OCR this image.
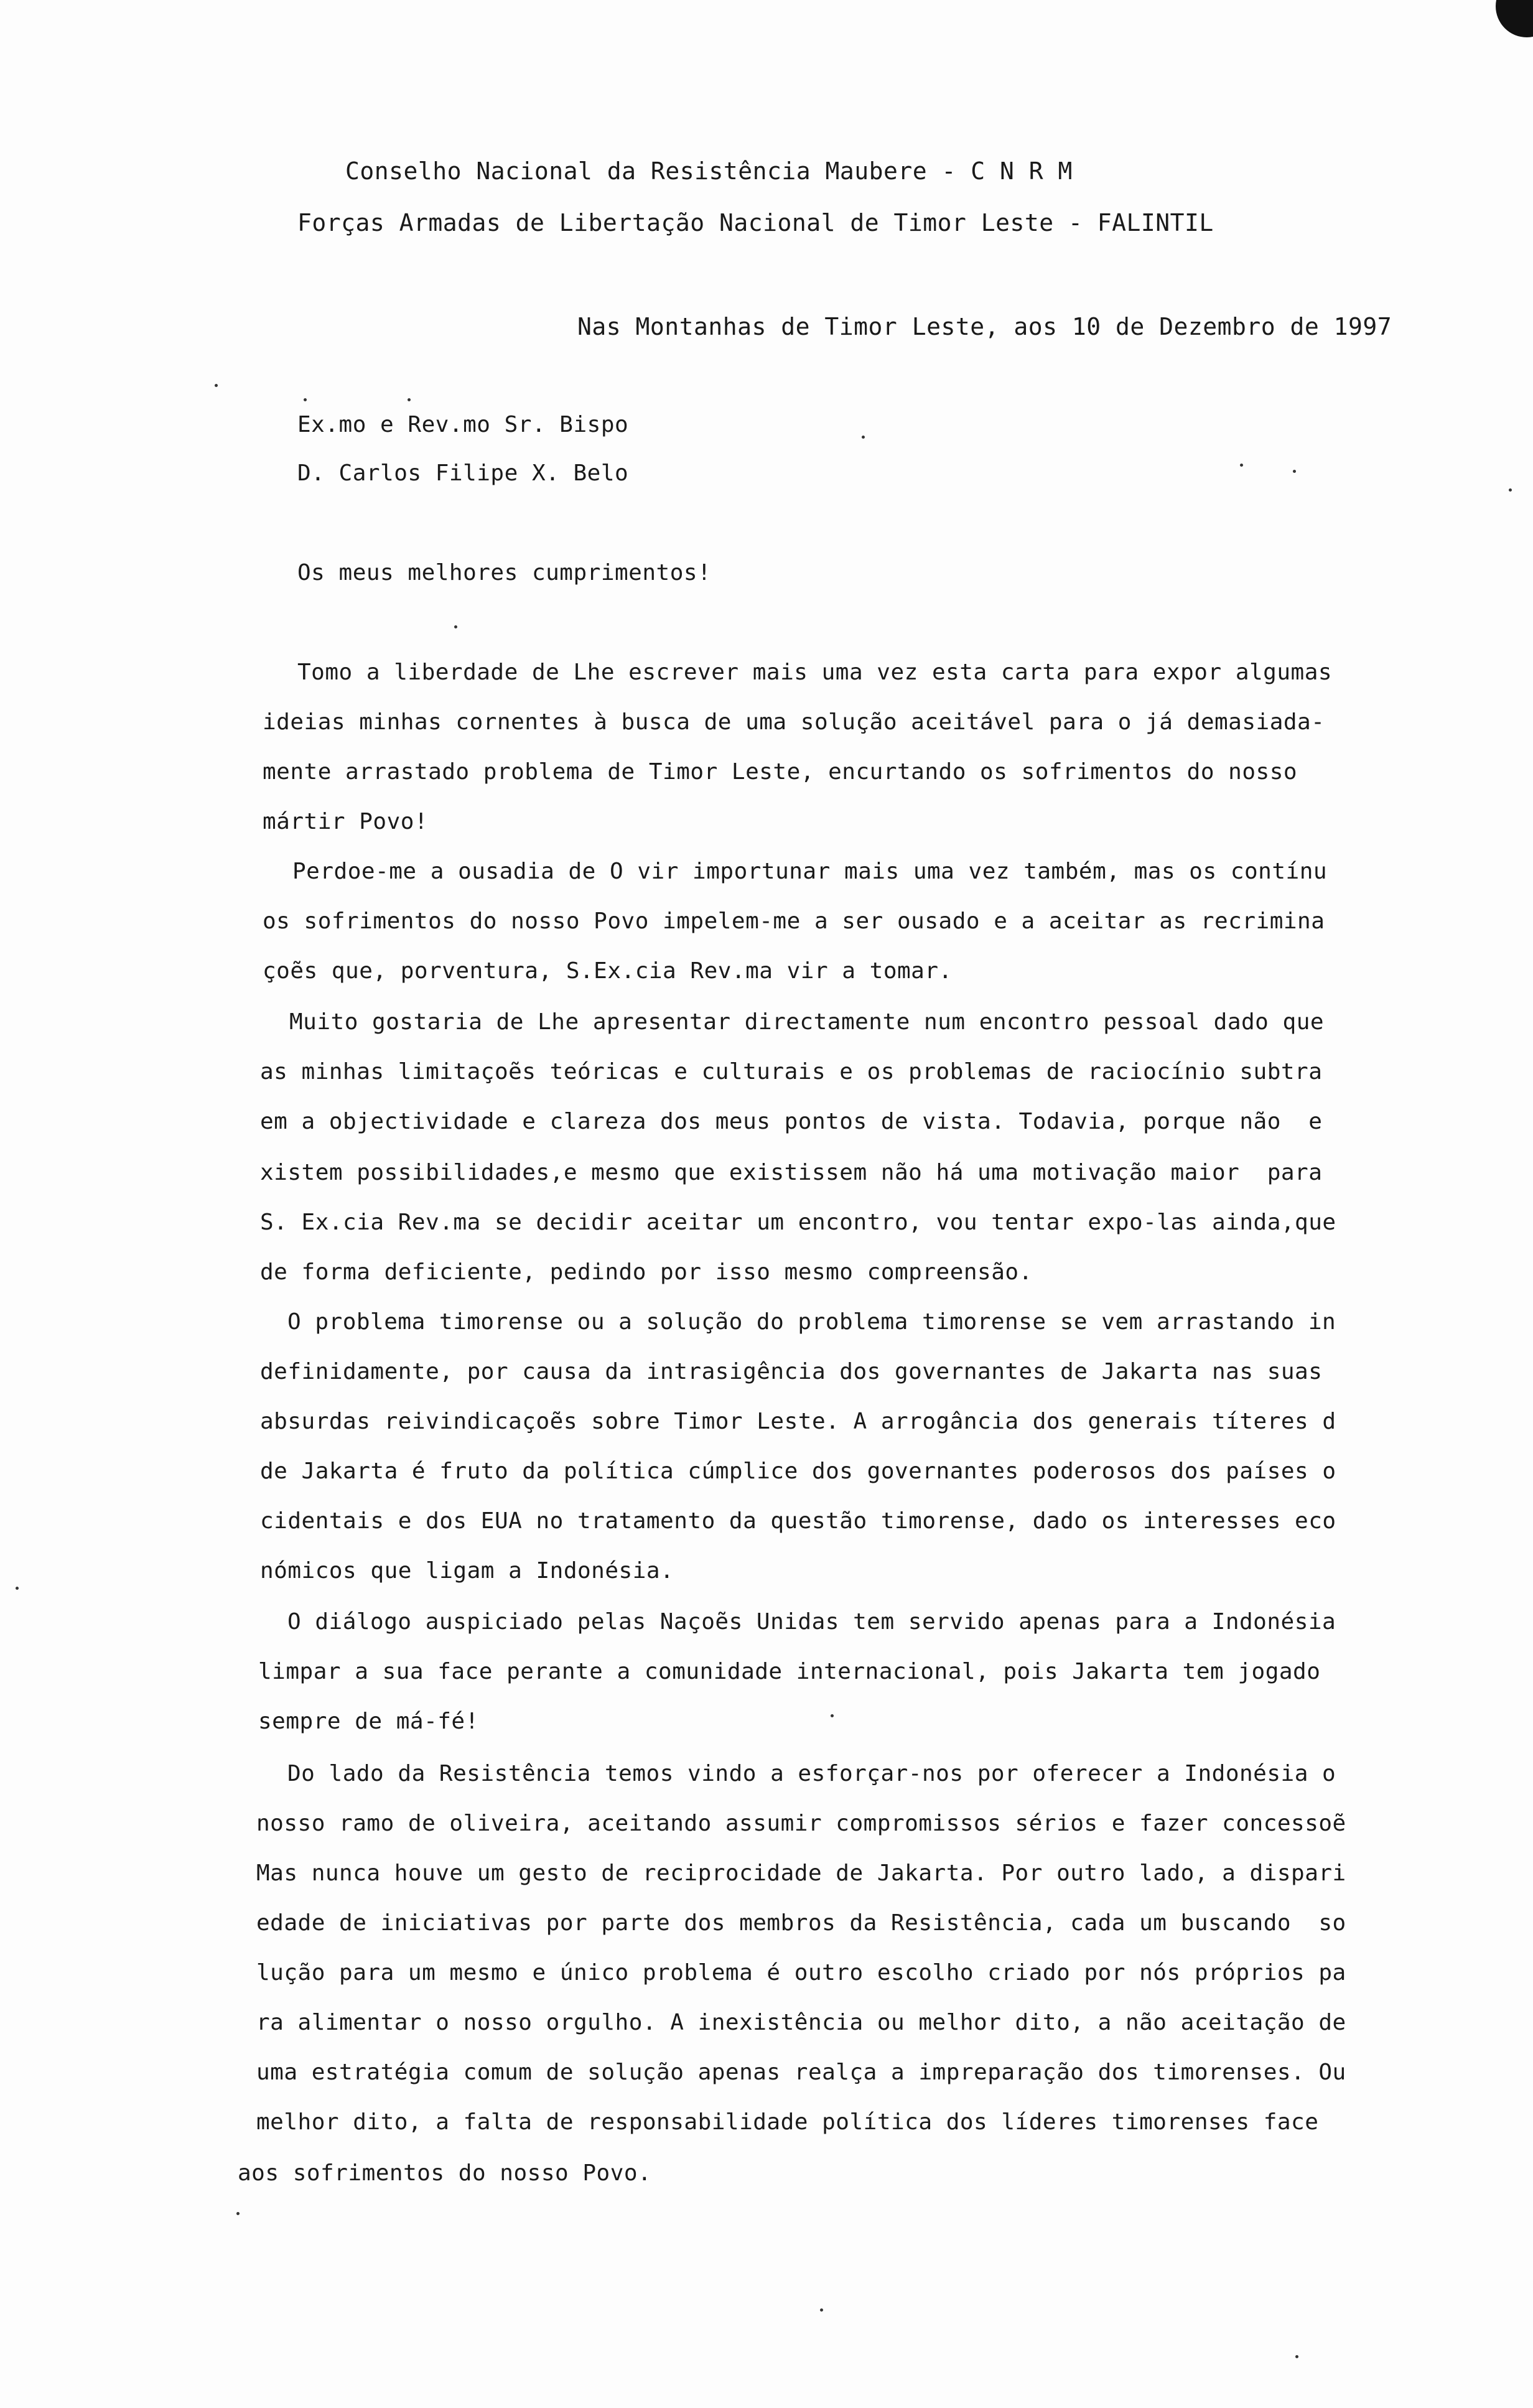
Conselho Nacional da Resistência Maubere - C N R M
Forças Armadas de Libertação Nacional de Timor Leste - FALINTIL
Nas Montanhas de Timor Leste, aos 10 de Dezembro de 1997
Ex.mo e Rev.mo Sr. Bispo
D. Carlos Filipe X. Belo
Os meus melhores cumprimentos!
Tomo a liberdade de Lhe escrever mais uma vez esta carta para expor algumas
ideias minhas cornentes à busca de uma solução aceitável para o já demasiada-
mente arrastado problema de Timor Leste, encurtando os sofrimentos do nosso
mártir Povo!
Perdoe-me a ousadia de O vir importunar mais uma vez também, mas os contínu
os sofrimentos do nosso Povo impelem-me a ser ousado e a aceitar as recrimina
çoẽs que, porventura, S.Ex.cia Rev.ma vir a tomar.
Muito gostaria de Lhe apresentar directamente num encontro pessoal dado que
as minhas limitaçoẽs teóricas e culturais e os problemas de raciocínio subtra
em a objectividade e clareza dos meus pontos de vista. Todavia, porque não  e
xistem possibilidades,e mesmo que existissem não há uma motivação maior  para
S. Ex.cia Rev.ma se decidir aceitar um encontro, vou tentar expo-las ainda,que
de forma deficiente, pedindo por isso mesmo compreensão.
O problema timorense ou a solução do problema timorense se vem arrastando in
definidamente, por causa da intrasigência dos governantes de Jakarta nas suas
absurdas reivindicaçoẽs sobre Timor Leste. A arrogância dos generais títeres d
de Jakarta é fruto da política cúmplice dos governantes poderosos dos países o
cidentais e dos EUA no tratamento da questão timorense, dado os interesses eco
nómicos que ligam a Indonésia.
O diálogo auspiciado pelas Naçoẽs Unidas tem servido apenas para a Indonésia
limpar a sua face perante a comunidade internacional, pois Jakarta tem jogado
sempre de má-fé!
Do lado da Resistência temos vindo a esforçar-nos por oferecer a Indonésia o
nosso ramo de oliveira, aceitando assumir compromissos sérios e fazer concessoẽ
Mas nunca houve um gesto de reciprocidade de Jakarta. Por outro lado, a dispari
edade de iniciativas por parte dos membros da Resistência, cada um buscando  so
lução para um mesmo e único problema é outro escolho criado por nós próprios pa
ra alimentar o nosso orgulho. A inexistência ou melhor dito, a não aceitação de
uma estratégia comum de solução apenas realça a impreparação dos timorenses. Ou
melhor dito, a falta de responsabilidade política dos líderes timorenses face
aos sofrimentos do nosso Povo.
